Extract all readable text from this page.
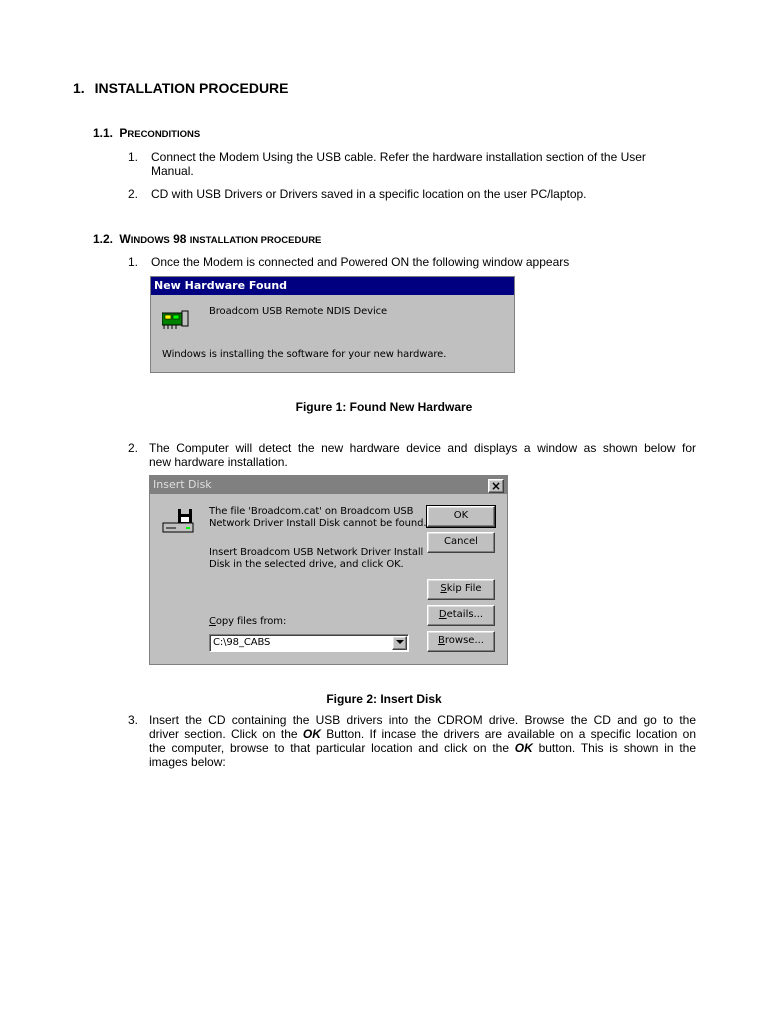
1. INSTALLATION PROCEDURE
1.1. PRECONDITIONS
1. Connect the Modem Using the USB cable. Refer the hardware installation section of the User
Manual.
2. CD with USB Drivers or Drivers saved in a specific location on the user PC/laptop.
1.2. WINDOWS 98 INSTALLATION PROCEDURE
1. Once the Modem is connected and Powered ON the following window appears
New Hardware Found
Broadcom USB Remote NDIS Device
Windows is installing the software for your new hardware.
Figure 1: Found New Hardware
2. The Computer will detect the new hardware device and displays a window as shown below for
new hardware installation.
Insert Disk	×
The file 'Broadcom.cat' on Broadcom USB
Network Driver Install Disk cannot be found.
Insert Broadcom USB Network Driver Install
Disk in the selected drive, and click OK.
Copy files from:
C:\98_CABS
OK
Cancel
Skip File
Details...
Browse...
Figure 2: Insert Disk
3. Insert the CD containing the USB drivers into the CDROM drive. Browse the CD and go to the
driver section. Click on the OK Button. If incase the drivers are available on a specific location on
the computer, browse to that particular location and click on the OK button. This is shown in the
images below:
